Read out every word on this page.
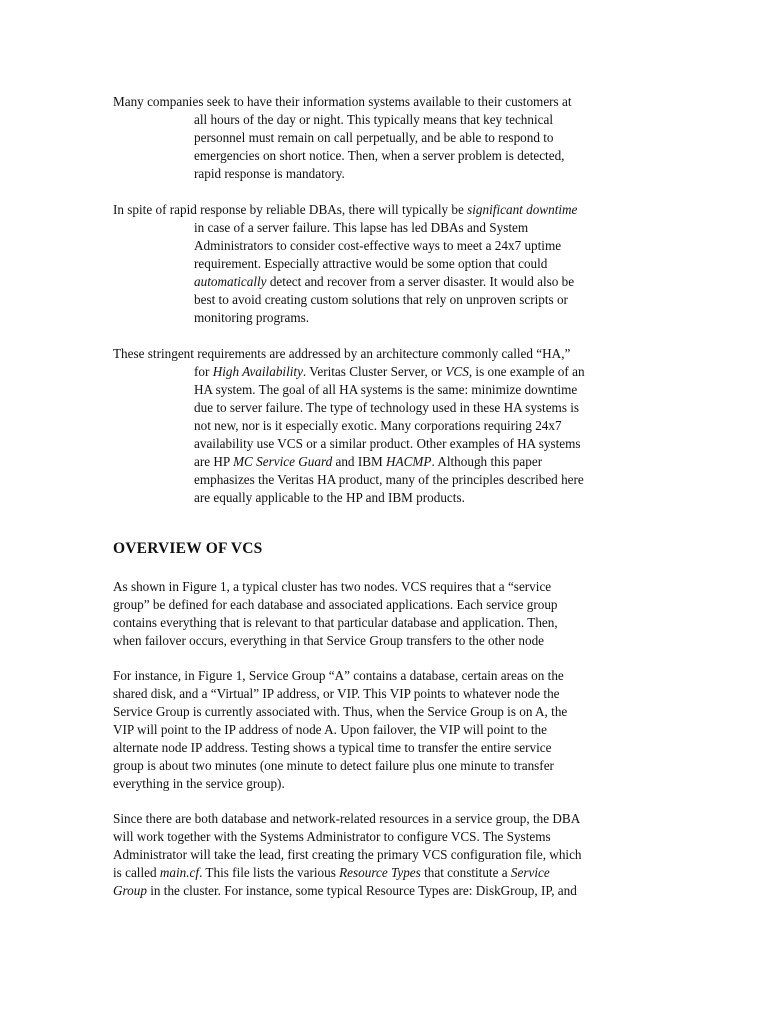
Many companies seek to have their information systems available to their customers at
all hours of the day or night. This typically means that key technical
personnel must remain on call perpetually, and be able to respond to
emergencies on short notice. Then, when a server problem is detected,
rapid response is mandatory.
In spite of rapid response by reliable DBAs, there will typically be significant downtime
in case of a server failure. This lapse has led DBAs and System
Administrators to consider cost-effective ways to meet a 24x7 uptime
requirement. Especially attractive would be some option that could
automatically detect and recover from a server disaster. It would also be
best to avoid creating custom solutions that rely on unproven scripts or
monitoring programs.
These stringent requirements are addressed by an architecture commonly called “HA,”
for High Availability. Veritas Cluster Server, or VCS, is one example of an
HA system. The goal of all HA systems is the same: minimize downtime
due to server failure. The type of technology used in these HA systems is
not new, nor is it especially exotic. Many corporations requiring 24x7
availability use VCS or a similar product. Other examples of HA systems
are HP MC Service Guard and IBM HACMP. Although this paper
emphasizes the Veritas HA product, many of the principles described here
are equally applicable to the HP and IBM products.
OVERVIEW OF VCS
As shown in Figure 1, a typical cluster has two nodes. VCS requires that a “service
group” be defined for each database and associated applications. Each service group
contains everything that is relevant to that particular database and application. Then,
when failover occurs, everything in that Service Group transfers to the other node
For instance, in Figure 1, Service Group “A” contains a database, certain areas on the
shared disk, and a “Virtual” IP address, or VIP. This VIP points to whatever node the
Service Group is currently associated with. Thus, when the Service Group is on A, the
VIP will point to the IP address of node A. Upon failover, the VIP will point to the
alternate node IP address. Testing shows a typical time to transfer the entire service
group is about two minutes (one minute to detect failure plus one minute to transfer
everything in the service group).
Since there are both database and network-related resources in a service group, the DBA
will work together with the Systems Administrator to configure VCS. The Systems
Administrator will take the lead, first creating the primary VCS configuration file, which
is called main.cf. This file lists the various Resource Types that constitute a Service
Group in the cluster. For instance, some typical Resource Types are: DiskGroup, IP, and
